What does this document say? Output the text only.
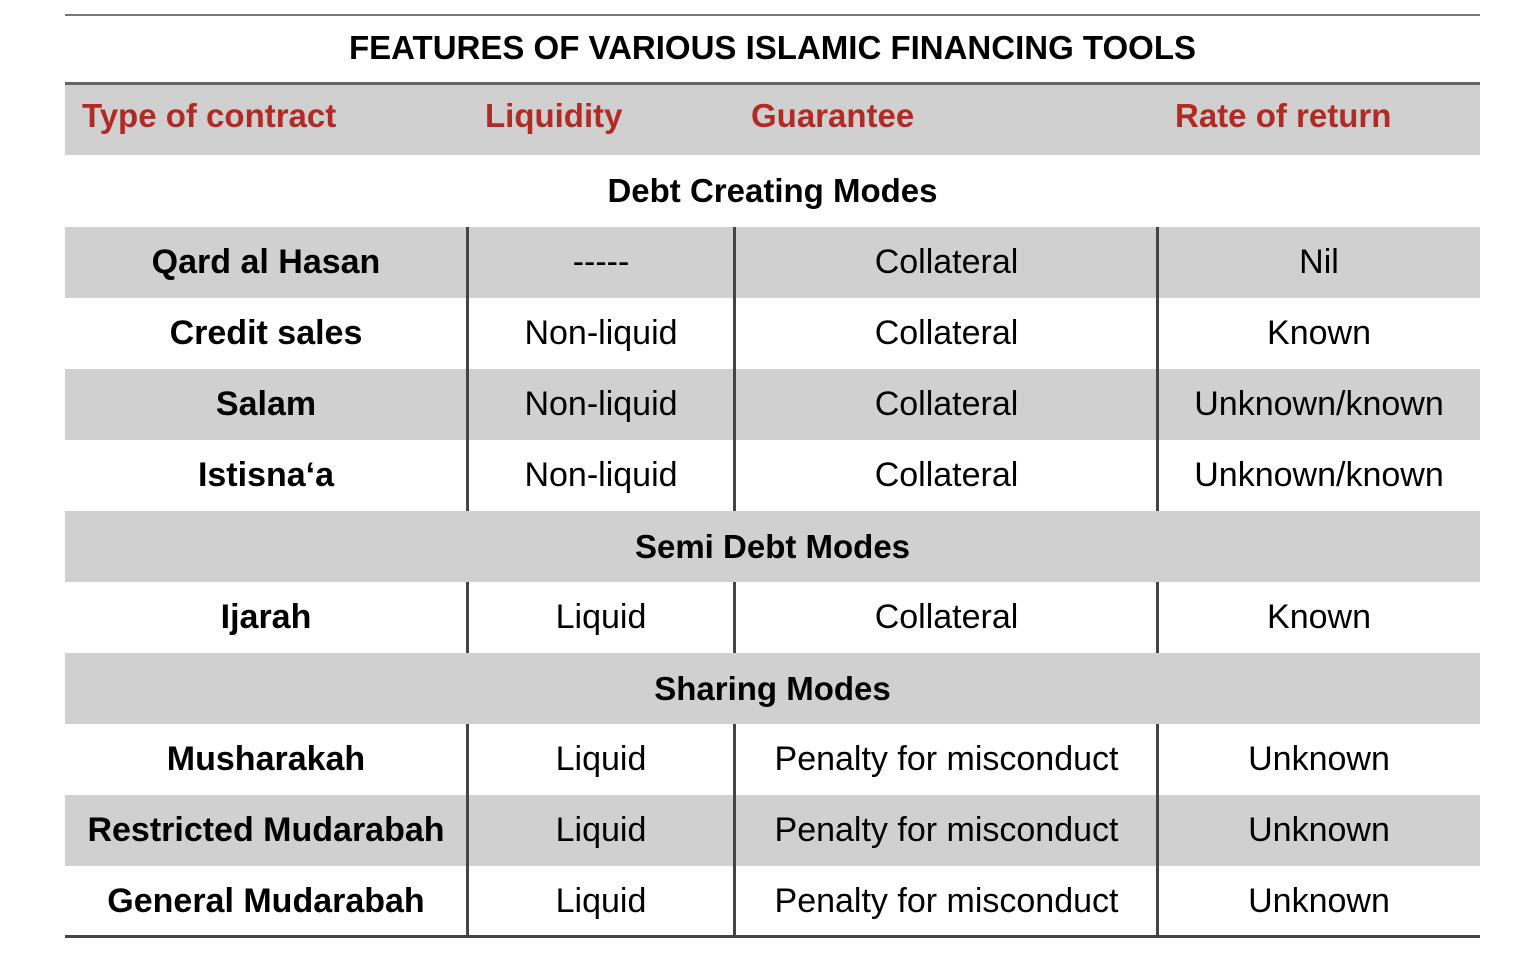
FEATURES OF VARIOUS ISLAMIC FINANCING TOOLS
Type of contract	Liquidity	Guarantee	Rate of return
Debt Creating Modes
Qard al Hasan	-----	Collateral	Nil
Credit sales	Non-liquid	Collateral	Known
Salam	Non-liquid	Collateral	Unknown/known
Istisna‘a	Non-liquid	Collateral	Unknown/known
Semi Debt Modes
Ijarah	Liquid	Collateral	Known
Sharing Modes
Musharakah	Liquid	Penalty for misconduct	Unknown
Restricted Mudarabah	Liquid	Penalty for misconduct	Unknown
General Mudarabah	Liquid	Penalty for misconduct	Unknown
